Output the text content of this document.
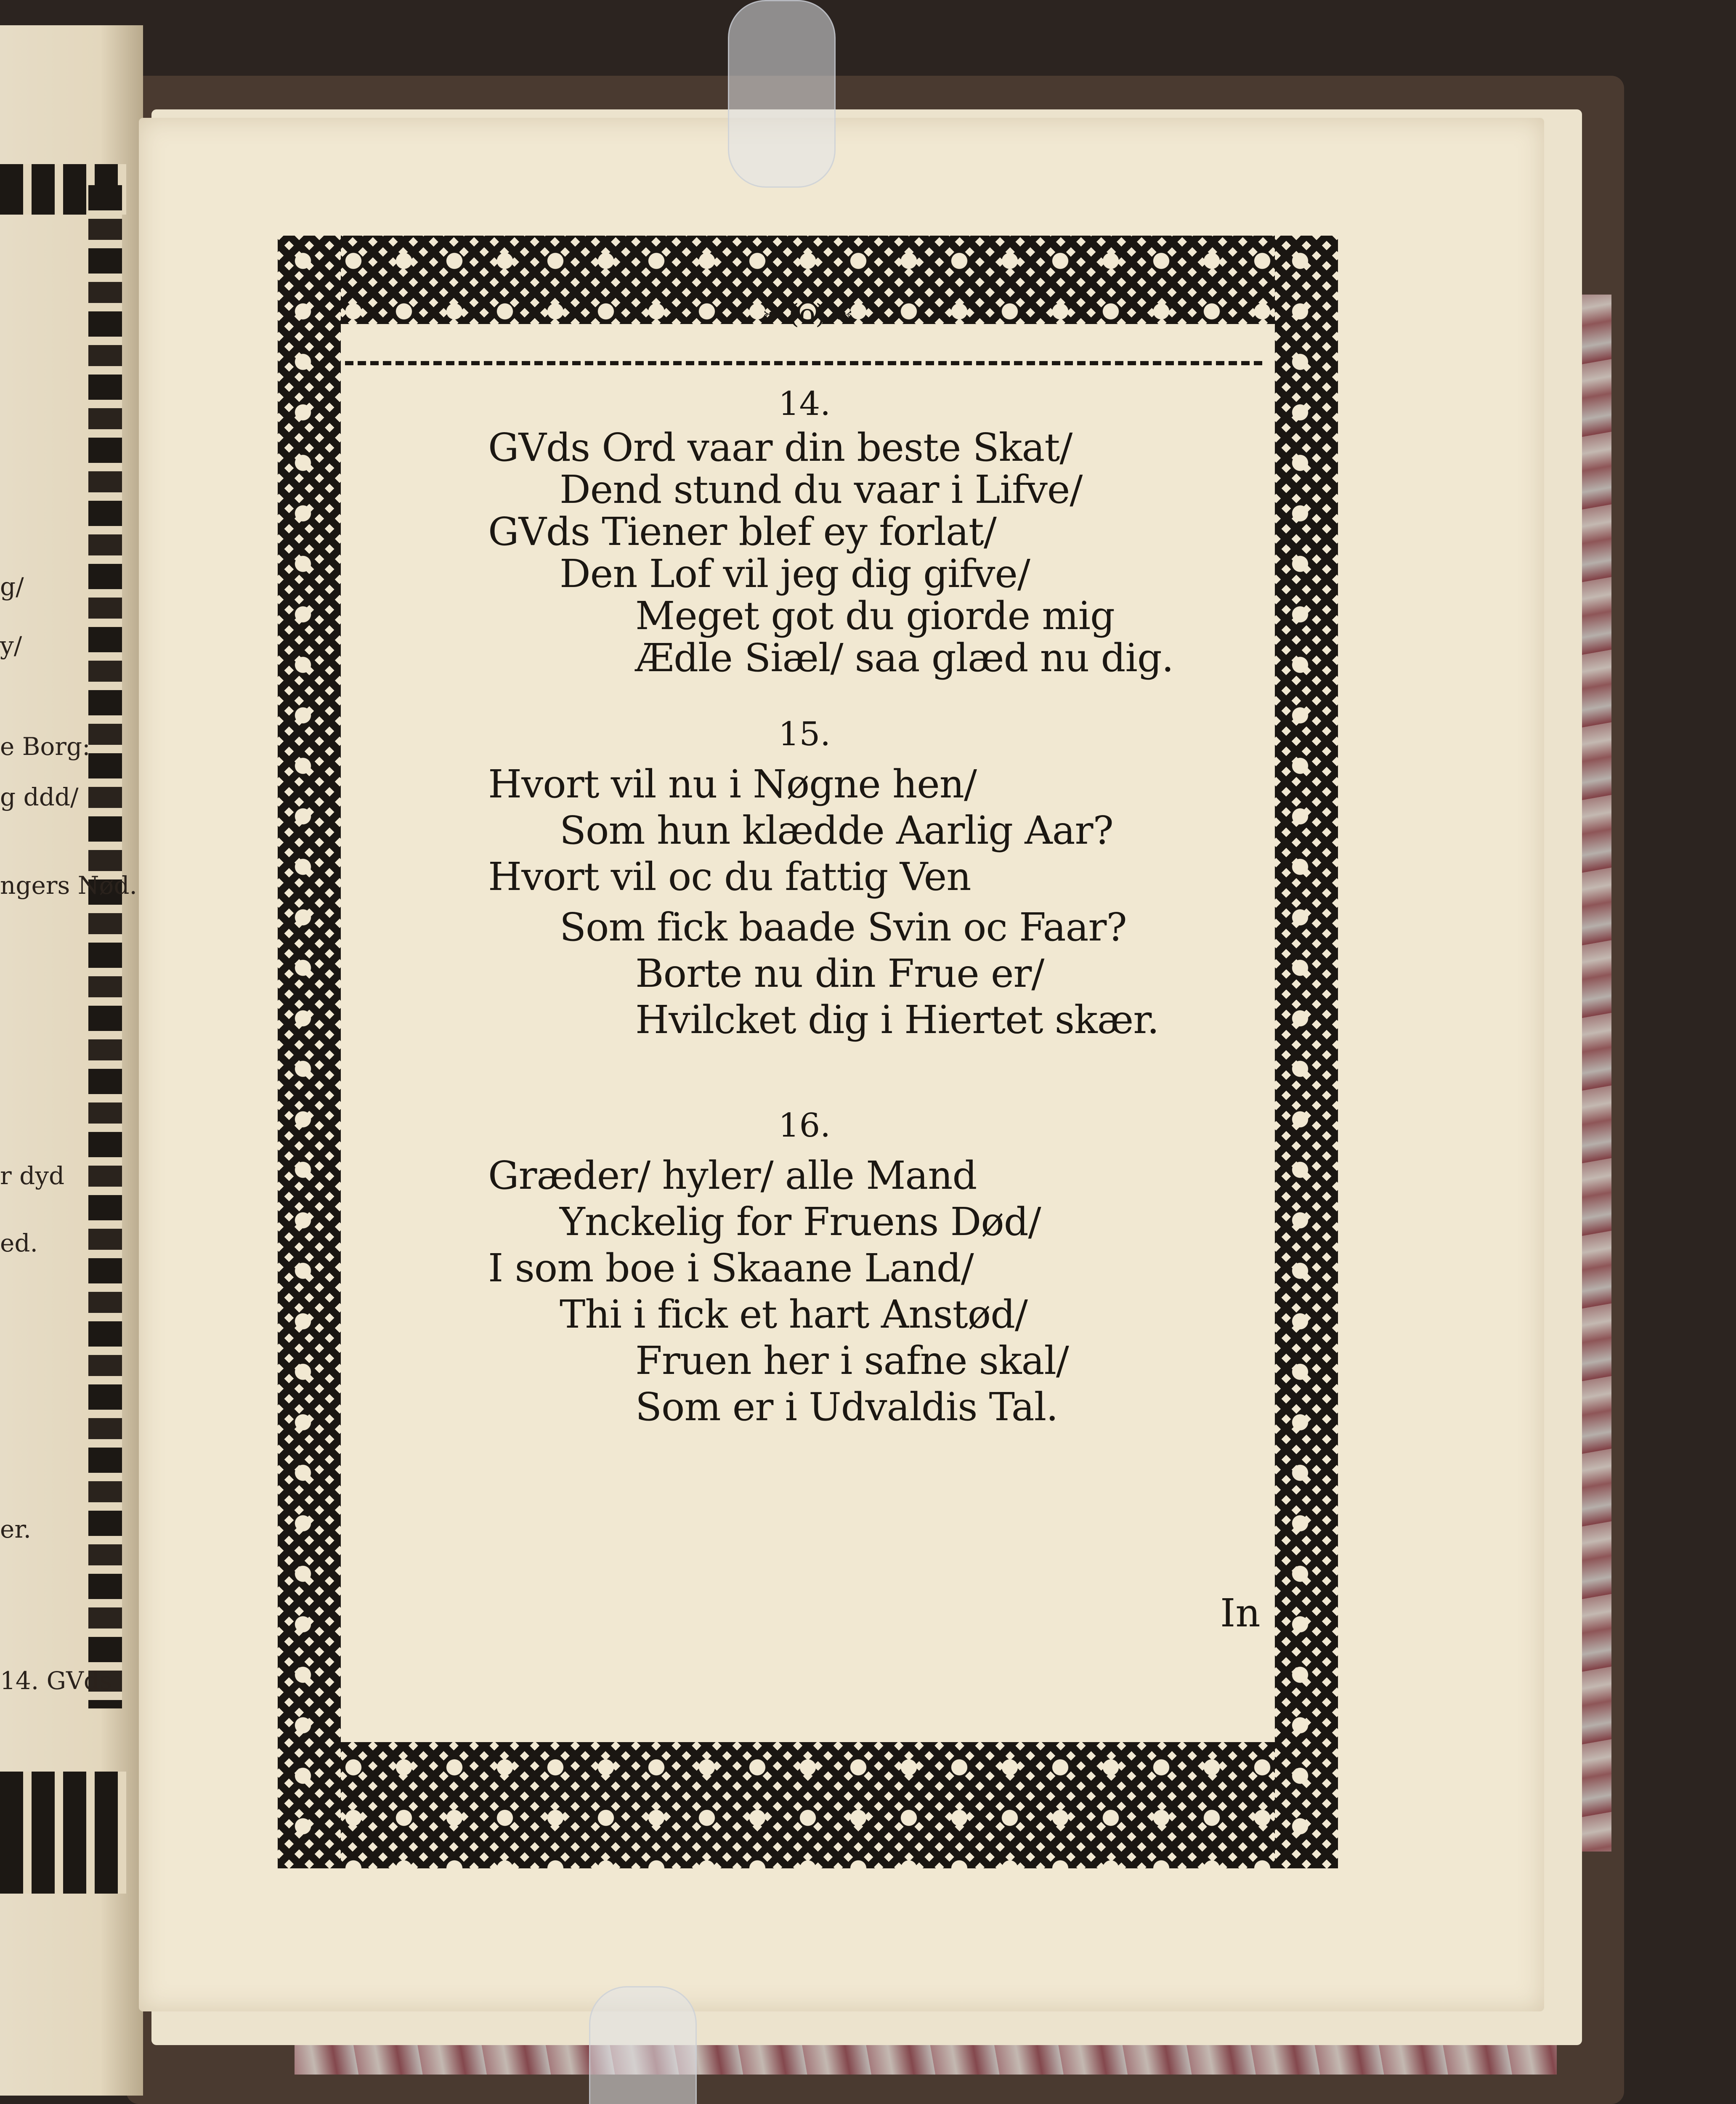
g/
y/
e Borg:
g ddd/
ngers Nød.
r dyd
ed.
er.
14. GVds
❧ (o) ☙
14.
GVds Ord vaar din beste Skat/
Dend stund du vaar i Lifve/
GVds Tiener blef ey forlat/
Den Lof vil jeg dig gifve/
Meget got du giorde mig
Ædle Siæl/ saa glæd nu dig.
15.
Hvort vil nu i Nøgne hen/
Som hun klædde Aarlig Aar?
Hvort vil oc du fattig Ven
Som fick baade Svin oc Faar?
Borte nu din Frue er/
Hvilcket dig i Hiertet skær.
16.
Græder/ hyler/ alle Mand
Ynckelig for Fruens Død/
I som boe i Skaane Land/
Thi i fick et hart Anstød/
Fruen her i safne skal/
Som er i Udvaldis Tal.
In
